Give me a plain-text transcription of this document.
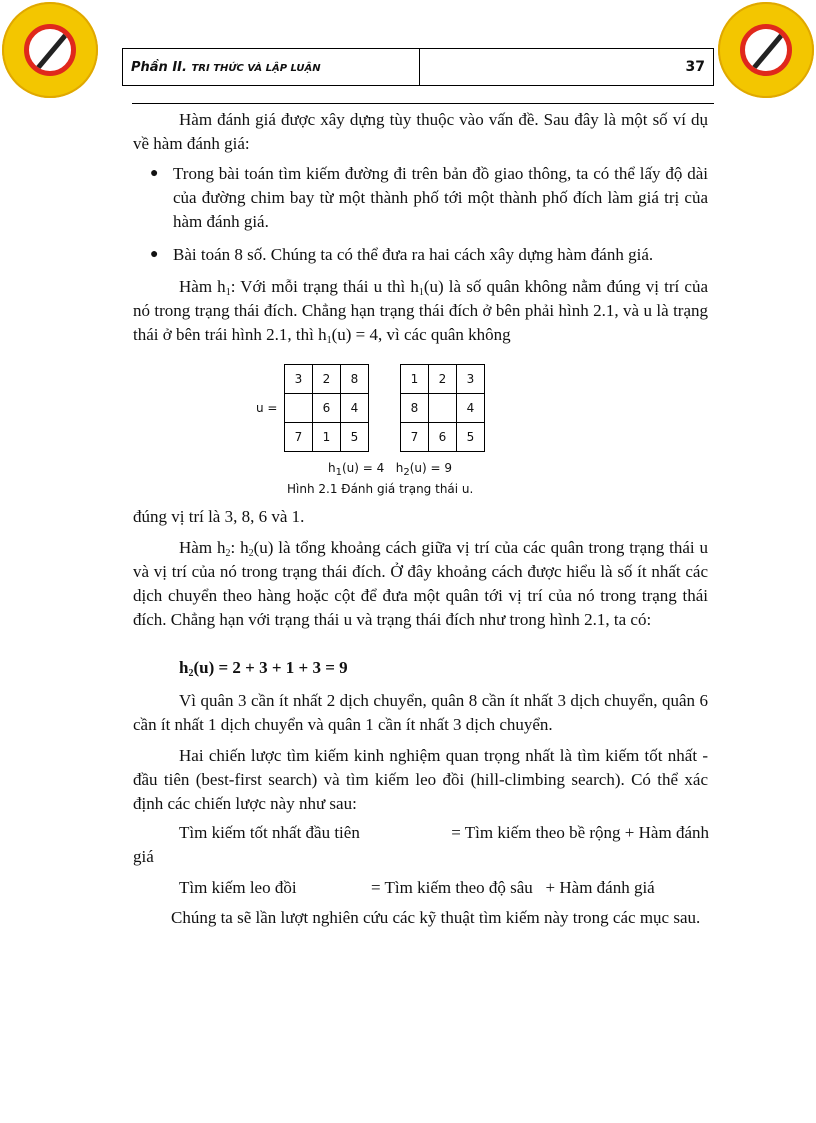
Phần II. TRI THỨC VÀ LẬP LUẬN	37
Hàm đánh giá được xây dựng tùy thuộc vào vấn đề. Sau đây là một số ví dụ về hàm đánh giá:
● Trong bài toán tìm kiếm đường đi trên bản đồ giao thông, ta có thể lấy độ dài của đường chim bay từ một thành phố tới một thành phố đích làm giá trị của hàm đánh giá.
● Bài toán 8 số. Chúng ta có thể đưa ra hai cách xây dựng hàm đánh giá.
Hàm $h_1$: Với mỗi trạng thái u thì $h_1(u)$ là số quân không nằm đúng vị trí của nó trong trạng thái đích. Chẳng hạn trạng thái đích ở bên phải hình 2.1, và u là trạng thái ở bên trái hình 2.1, thì $h_1(u) = 4$, vì các quân không
u =
3	2	8
	6	4
7	1	5
1	2	3
8		4
7	6	5
$h_1(u) = 4$ $h_2(u) = 9$
Hình 2.1 Đánh giá trạng thái u.
đúng vị trí là 3, 8, 6 và 1.
Hàm $h_2$: $h_2(u)$ là tổng khoảng cách giữa vị trí của các quân trong trạng thái u và vị trí của nó trong trạng thái đích. Ở đây khoảng cách được hiểu là số ít nhất các dịch chuyển theo hàng hoặc cột để đưa một quân tới vị trí của nó trong trạng thái đích. Chẳng hạn với trạng thái u và trạng thái đích như trong hình 2.1, ta có:
$h_2(u) = 2 + 3 + 1 + 3 = 9$
Vì quân 3 cần ít nhất 2 dịch chuyển, quân 8 cần ít nhất 3 dịch chuyển, quân 6 cần ít nhất 1 dịch chuyển và quân 1 cần ít nhất 3 dịch chuyển.
Hai chiến lược tìm kiếm kinh nghiệm quan trọng nhất là tìm kiếm tốt nhất - đầu tiên (best-first search) và tìm kiếm leo đồi (hill-climbing search). Có thể xác định các chiến lược này như sau:
Tìm kiếm tốt nhất đầu tiên	= Tìm kiếm theo bề rộng + Hàm đánh
giá
Tìm kiếm leo đồi	= Tìm kiếm theo độ sâu   + Hàm đánh giá
Chúng ta sẽ lần lượt nghiên cứu các kỹ thuật tìm kiếm này trong các mục sau.
